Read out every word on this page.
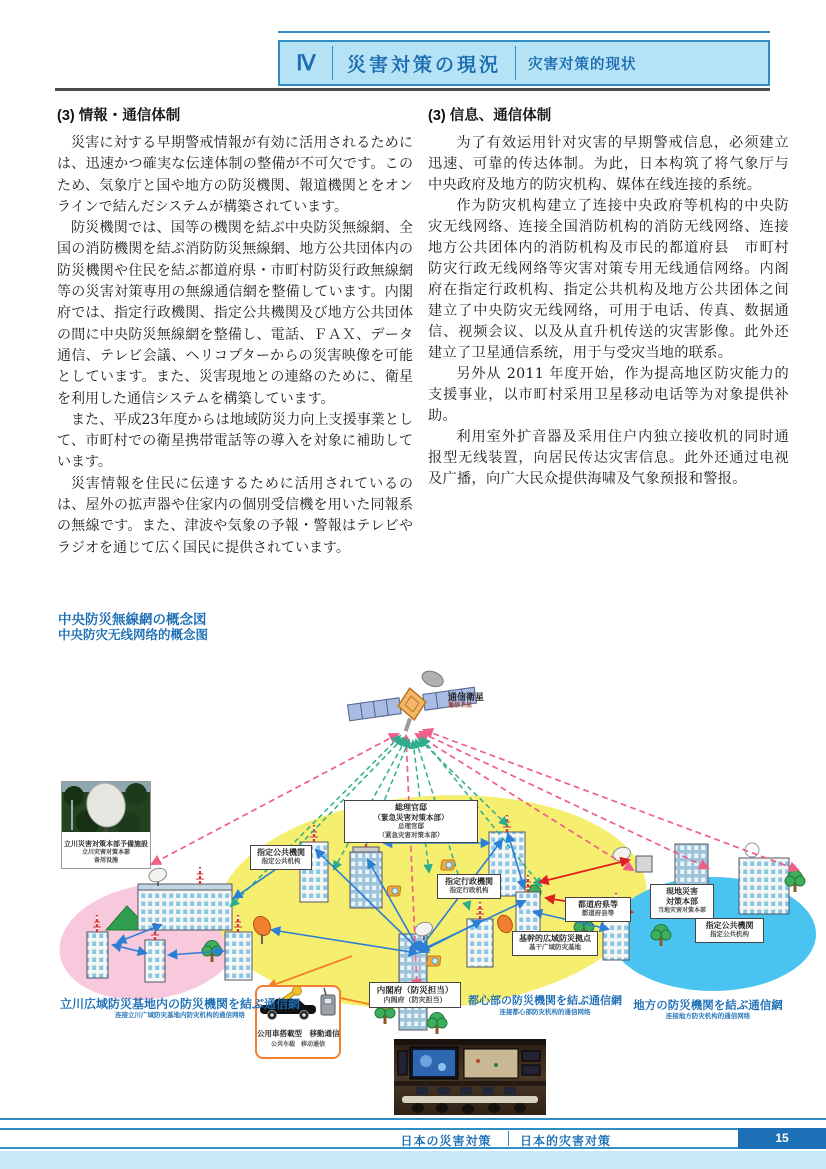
Ⅳ	災害対策の現況	灾害对策的现状
(3) 情報・通信体制

災害に対する早期警戒情報が有効に活用されるためには、迅速かつ確実な伝達体制の整備が不可欠です。このため、気象庁と国や地方の防災機関、報道機関とをオンラインで結んだシステムが構築されています。

防災機関では、国等の機関を結ぶ中央防災無線網、全国の消防機関を結ぶ消防防災無線網、地方公共団体内の防災機関や住民を結ぶ都道府県・市町村防災行政無線網等の災害対策専用の無線通信網を整備しています。内閣府では、指定行政機関、指定公共機関及び地方公共団体の間に中央防災無線網を整備し、電話、ＦＡＸ、データ通信、テレビ会議、ヘリコプターからの災害映像を可能としています。また、災害現地との連絡のために、衛星を利用した通信システムを構築しています。

また、平成23年度からは地域防災力向上支援事業として、市町村での衛星携帯電話等の導入を対象に補助しています。

災害情報を住民に伝達するために活用されているのは、屋外の拡声器や住家内の個別受信機を用いた同報系の無線です。また、津波や気象の予報・警報はテレビやラジオを通じて広く国民に提供されています。

(3) 信息、通信体制

为了有效运用针对灾害的早期警戒信息，必须建立迅速、可靠的传达体制。为此，日本构筑了将气象厅与中央政府及地方的防灾机构、媒体在线连接的系统。

作为防灾机构建立了连接中央政府等机构的中央防灾无线网络、连接全国消防机构的消防无线网络、连接地方公共团体内的消防机构及市民的都道府县　市町村防灾行政无线网络等灾害对策专用无线通信网络。内阁府在指定行政机构、指定公共机构及地方公共团体之间建立了中央防灾无线网络，可用于电话、传真、数据通信、视频会议、以及从直升机传送的灾害影像。此外还建立了卫星通信系统，用于与受灾当地的联系。

另外从 2011 年度开始，作为提高地区防灾能力的支援事业，以市町村采用卫星移动电话等为对象提供补助。

利用室外扩音器及采用住户内独立接收机的同时通报型无线装置，向居民传达灾害信息。此外还通过电视及广播，向广大民众提供海啸及气象预报和警报。

中央防災無線網の概念図
中央防灾无线网络的概念图
通信衛星
通信卫星
立川災害対策本部予備施設
立川灾害对策本部
备用设施
総理官邸
（緊急災害対策本部）
总理官邸
（紧急灾害对策本部）
指定公共機関
指定公共机构
指定行政機関
指定行政机构
基幹的広域防災拠点
基干广域防灾基地
都道府県等
都道府县等
現地災害
対策本部
当地灾害对策本部
指定公共機関
指定公共机构
内閣府（防災担当）
内阁府（防灾担当）
公用車搭載型　移動通信
公共车载　移动通信
立川広域防災基地内の防災機関を結ぶ通信網
连接立川广域防灾基地内防灾机构的通信网络
都心部の防災機関を結ぶ通信網
连接都心部防灾机构的通信网络
地方の防災機関を結ぶ通信網
连接地方防灾机构的通信网络
日本の災害対策 日本的灾害对策	15
